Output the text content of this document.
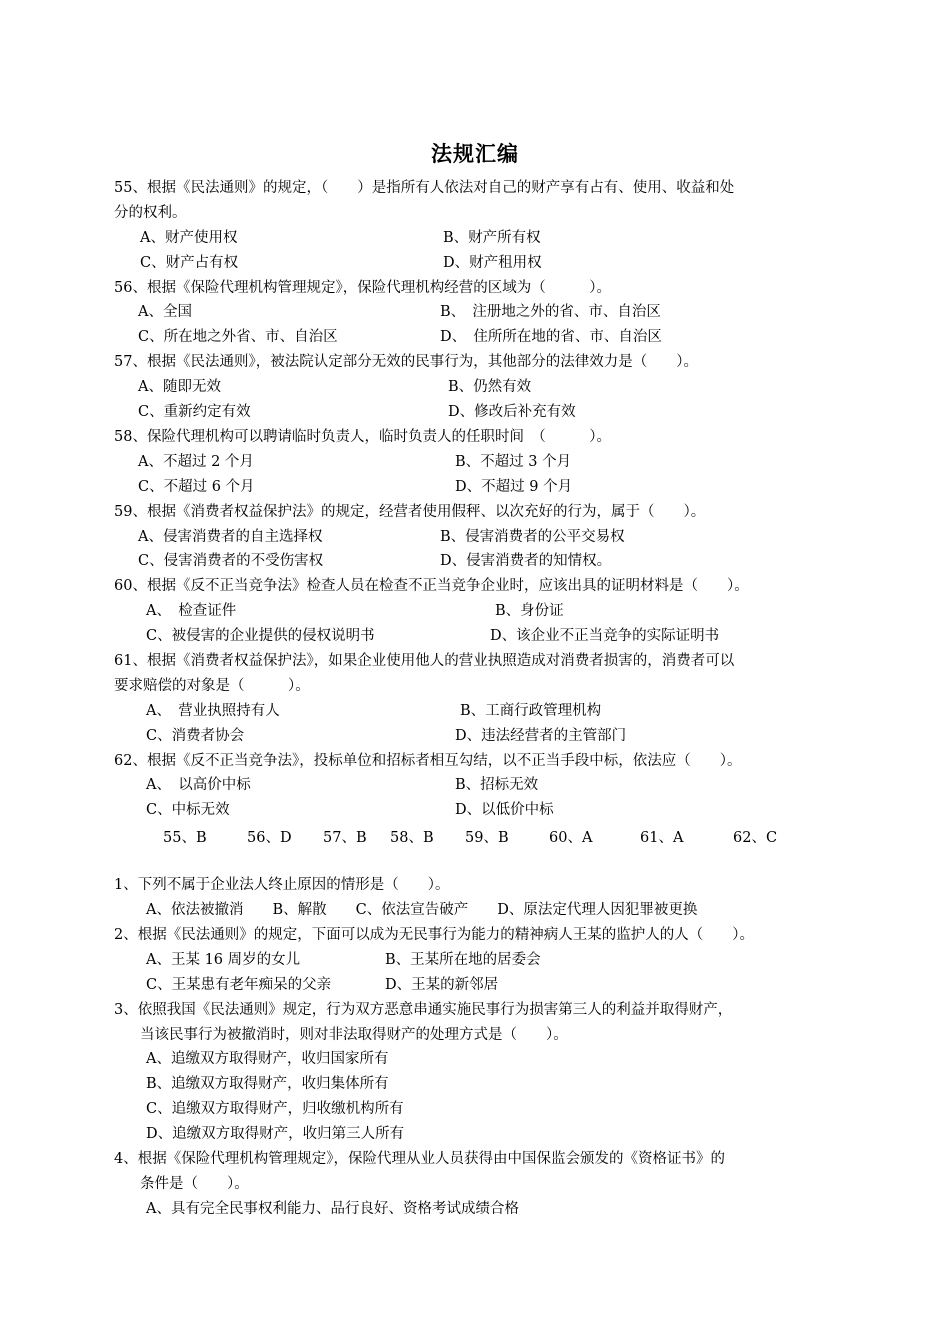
法规汇编
55、根据《民法通则》的规定，（　　）是指所有人依法对自己的财产享有占有、使用、收益和处
分的权利。
A、财产使用权	B、财产所有权
C、财产占有权	D、财产租用权
56、根据《保险代理机构管理规定》，保险代理机构经营的区域为（　　　）。
A、全国	B、　注册地之外的省、市、自治区
C、所在地之外省、市、自治区	D、　住所所在地的省、市、自治区
57、根据《民法通则》，被法院认定部分无效的民事行为，其他部分的法律效力是（　　）。
A、随即无效	B、仍然有效
C、重新约定有效	D、修改后补充有效
58、保险代理机构可以聘请临时负责人，临时负责人的任职时间　（　　　）。
A、不超过 2 个月	B、不超过 3 个月
C、不超过 6 个月	D、不超过 9 个月
59、根据《消费者权益保护法》的规定，经营者使用假秤、以次充好的行为，属于（　　）。
A、侵害消费者的自主选择权	B、侵害消费者的公平交易权
C、侵害消费者的不受伤害权	D、侵害消费者的知情权。
60、根据《反不正当竞争法》检查人员在检查不正当竞争企业时，应该出具的证明材料是（　　）。
A、　检查证件	B、身份证
C、被侵害的企业提供的侵权说明书	D、该企业不正当竞争的实际证明书
61、根据《消费者权益保护法》，如果企业使用他人的营业执照造成对消费者损害的，消费者可以
要求赔偿的对象是（　　　）。
A、　营业执照持有人	B、工商行政管理机构
C、消费者协会	D、违法经营者的主管部门
62、根据《反不正当竞争法》，投标单位和招标者相互勾结，以不正当手段中标，依法应（　　）。
A、　以高价中标	B、招标无效
C、中标无效	D、以低价中标
55、B	56、D 57、B 58、B 59、B	60、A	61、A	62、C
1、下列不属于企业法人终止原因的情形是（　　）。
A、依法被撤消　　B、解散　　C、依法宣告破产　　D、原法定代理人因犯罪被更换
2、根据《民法通则》的规定，下面可以成为无民事行为能力的精神病人王某的监护人的人（　　）。
A、王某 16 周岁的女儿	B、王某所在地的居委会
C、王某患有老年痴呆的父亲	D、王某的新邻居
3、依照我国《民法通则》规定，行为双方恶意串通实施民事行为损害第三人的利益并取得财产，
当该民事行为被撤消时，则对非法取得财产的处理方式是（　　）。
A、追缴双方取得财产，收归国家所有
B、追缴双方取得财产，收归集体所有
C、追缴双方取得财产，归收缴机构所有
D、追缴双方取得财产，收归第三人所有
4、根据《保险代理机构管理规定》，保险代理从业人员获得由中国保监会颁发的《资格证书》的
条件是（　　）。
A、具有完全民事权利能力、品行良好、资格考试成绩合格
